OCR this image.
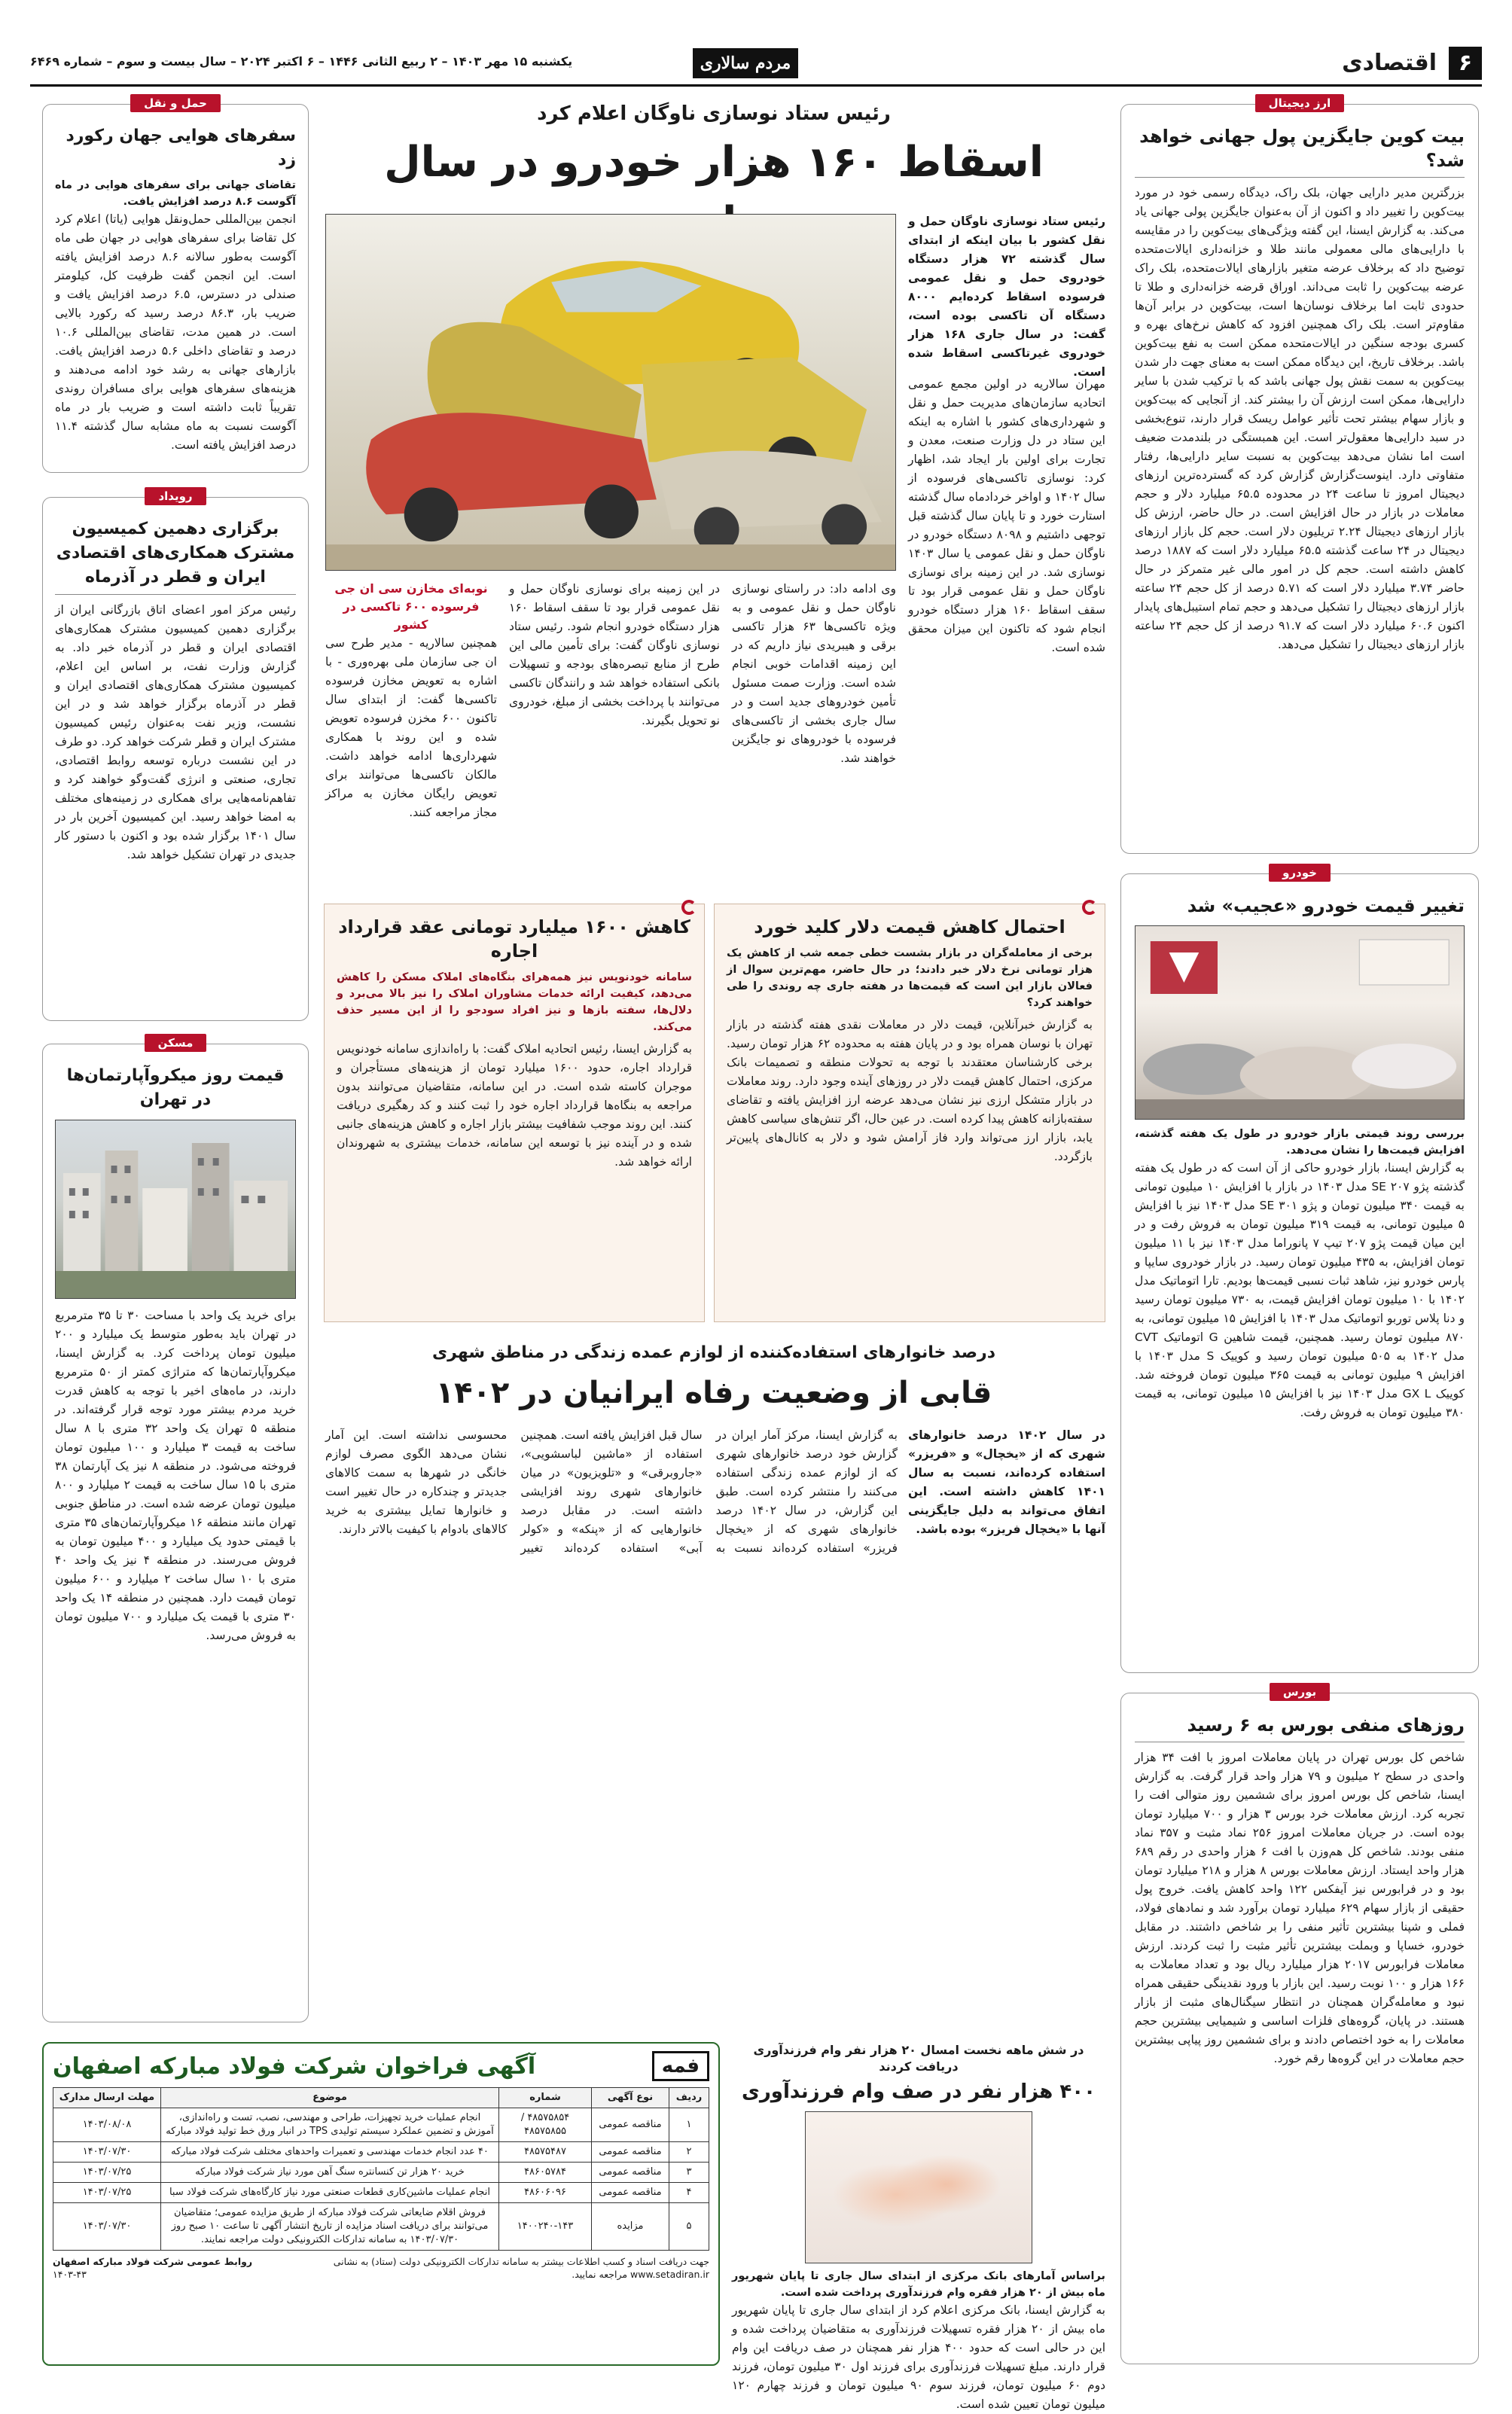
۶
اقتصادی
مردم سالاری
یکشنبه ۱۵ مهر ۱۴۰۳ – ۲ ربیع الثانی ۱۴۴۶ – ۶ اکتبر ۲۰۲۴ – سال بیست و سوم – شماره ۶۴۶۹
ارز دیجیتال
بیت کوین جایگزین پول جهانی خواهد شد؟
بزرگترین مدیر دارایی جهان، بلک راک، دیدگاه رسمی خود در مورد بیت‌کوین را تغییر داد و اکنون از آن به‌عنوان جایگزین پولی جهانی یاد می‌کند. به گزارش ایسنا، این گفته ویژگی‌های بیت‌کوین را در مقایسه با دارایی‌های مالی معمولی مانند طلا و خزانه‌داری ایالات‌متحده توضیح داد که برخلاف عرضه متغیر بازارهای ایالات‌متحده، بلک راک عرضه بیت‌کوین را ثابت می‌داند. اوراق قرضه خزانه‌داری و طلا تا حدودی ثابت اما برخلاف نوسان‌ها است، بیت‌کوین در برابر آن‌ها مقاوم‌تر است. بلک راک همچنین افزود که کاهش نرخ‌های بهره و کسری بودجه سنگین در ایالات‌متحده ممکن است به نفع بیت‌کوین باشد. برخلاف تاریخ، این دیدگاه ممکن است به معنای جهت دار شدن بیت‌کوین به سمت نقش پول جهانی باشد که با ترکیب شدن با سایر دارایی‌ها، ممکن است ارزش آن را بیشتر کند. از آنجایی که بیت‌کوین و بازار سهام بیشتر تحت تأثیر عوامل ریسک قرار دارند، تنوع‌بخشی در سبد دارایی‌ها معقول‌تر است. این همبستگی در بلندمدت ضعیف است اما نشان می‌دهد بیت‌کوین به نسبت سایر دارایی‌ها، رفتار متفاوتی دارد. اینوست‌گزارش گزارش کرد که گسترده‌ترین ارزهای دیجیتال امروز تا ساعت ۲۴ در محدوده ۶۵.۵ میلیارد دلار و حجم معاملات در بازار در حال افزایش است. در حال حاضر، ارزش کل بازار ارزهای دیجیتال ۲.۲۴ تریلیون دلار است. حجم کل بازار ارزهای دیجیتال در ۲۴ ساعت گذشته ۶۵.۵ میلیارد دلار است که ۱۸۸۷ درصد کاهش داشته است. حجم کل در امور مالی غیر متمرکز در حال حاضر ۳.۷۴ میلیارد دلار است که ۵.۷۱ درصد از کل حجم ۲۴ ساعته بازار ارزهای دیجیتال را تشکیل می‌دهد و حجم تمام استیبل‌های پایدار اکنون ۶۰.۶ میلیارد دلار است که ۹۱.۷ درصد از کل حجم ۲۴ ساعته بازار ارزهای دیجیتال را تشکیل می‌دهد.
خودرو
تغییر قیمت خودرو «عجیب» شد
بررسی روند قیمتی بازار خودرو در طول یک هفته گذشته، افزایش قیمت‌ها را نشان می‌دهد.
به گزارش ایسنا، بازار خودرو حاکی از آن است که در طول یک هفته گذشته پژو ۲۰۷ SE مدل ۱۴۰۳ در بازار با افزایش ۱۰ میلیون تومانی به قیمت ۳۴۰ میلیون تومان و پژو ۳۰۱ SE مدل ۱۴۰۳ نیز با افزایش ۵ میلیون تومانی، به قیمت ۳۱۹ میلیون تومان به فروش رفت و در این میان قیمت پژو ۲۰۷ تیپ ۷ پانوراما مدل ۱۴۰۳ نیز با ۱۱ میلیون تومان افزایش، به ۴۳۵ میلیون تومان رسید. در بازار خودروی سایپا و پارس خودرو نیز، شاهد ثبات نسبی قیمت‌ها بودیم. تارا اتوماتیک مدل ۱۴۰۲ با ۱۰ میلیون تومان افزایش قیمت، به ۷۳۰ میلیون تومان رسید و دنا پلاس توربو اتوماتیک مدل ۱۴۰۳ با افزایش ۱۵ میلیون تومانی، به ۸۷۰ میلیون تومان رسید. همچنین، قیمت شاهین G اتوماتیک CVT مدل ۱۴۰۲ به ۵۰۵ میلیون تومان رسید و کوییک S مدل ۱۴۰۳ با افزایش ۹ میلیون تومانی به قیمت ۳۶۵ میلیون تومان فروخته شد. کوییک GX L مدل ۱۴۰۳ نیز با افزایش ۱۵ میلیون تومانی، به قیمت ۳۸۰ میلیون تومان به فروش رفت.
بورس
روزهای منفی بورس به ۶ رسید
شاخص کل بورس تهران در پایان معاملات امروز با افت ۳۴ هزار واحدی در سطح ۲ میلیون و ۷۹ هزار واحد قرار گرفت. به گزارش ایسنا، شاخص کل بورس امروز برای ششمین روز متوالی افت را تجربه کرد. ارزش معاملات خرد بورس ۳ هزار و ۷۰۰ میلیارد تومان بوده است. در جریان معاملات امروز ۲۵۶ نماد مثبت و ۳۵۷ نماد منفی بودند. شاخص کل هم‌وزن با افت ۶ هزار واحدی در رقم ۶۸۹ هزار واحد ایستاد. ارزش معاملات بورس ۸ هزار و ۲۱۸ میلیارد تومان بود و در فرابورس نیز آیفکس ۱۲۲ واحد کاهش یافت. خروج پول حقیقی از بازار سهام ۶۲۹ میلیارد تومان برآورد شد و نمادهای فولاد، فملی و شپنا بیشترین تأثیر منفی را بر شاخص داشتند. در مقابل خودرو، خساپا و وبملت بیشترین تأثیر مثبت را ثبت کردند. ارزش معاملات فرابورس ۲۰۱۷ هزار میلیارد ریال بود و تعداد معاملات به ۱۶۶ هزار و ۱۰۰ نوبت رسید. این بازار با ورود نقدینگی حقیقی همراه نبود و معامله‌گران همچنان در انتظار سیگنال‌های مثبت از بازار هستند. در پایان، گروه‌های فلزات اساسی و شیمیایی بیشترین حجم معاملات را به خود اختصاص دادند و برای ششمین روز پیاپی بیشترین حجم معاملات در این گروه‌ها رقم خورد.
حمل و نقل
سفرهای هوایی جهان رکورد زد
تقاضای جهانی برای سفرهای هوایی در ماه آگوست ۸.۶ درصد افزایش یافت.
انجمن بین‌المللی حمل‌ونقل هوایی (یاتا) اعلام کرد کل تقاضا برای سفرهای هوایی در جهان طی ماه آگوست به‌طور سالانه ۸.۶ درصد افزایش یافته است. این انجمن گفت ظرفیت کل، کیلومتر صندلی در دسترس، ۶.۵ درصد افزایش یافت و ضریب بار، ۸۶.۳ درصد رسید که رکورد بالایی است. در همین مدت، تقاضای بین‌المللی ۱۰.۶ درصد و تقاضای داخلی ۵.۶ درصد افزایش یافت. بازارهای جهانی به رشد خود ادامه می‌دهند و هزینه‌های سفرهای هوایی برای مسافران روندی تقریباً ثابت داشته است و ضریب بار در ماه آگوست نسبت به ماه مشابه سال گذشته ۱۱.۴ درصد افزایش یافته است.
رویداد
برگزاری دهمین کمیسیون مشترک همکاری‌های اقتصادی ایران و قطر در آذرماه
رئیس مرکز امور اعضای اتاق بازرگانی ایران از برگزاری دهمین کمیسیون مشترک همکاری‌های اقتصادی ایران و قطر در آذرماه خبر داد. به گزارش وزارت نفت، بر اساس این اعلام، کمیسیون مشترک همکاری‌های اقتصادی ایران و قطر در آذرماه برگزار خواهد شد و در این نشست، وزیر نفت به‌عنوان رئیس کمیسیون مشترک ایران و قطر شرکت خواهد کرد. دو طرف در این نشست درباره توسعه روابط اقتصادی، تجاری، صنعتی و انرژی گفت‌وگو خواهند کرد و تفاهم‌نامه‌هایی برای همکاری در زمینه‌های مختلف به امضا خواهد رسید. این کمیسیون آخرین بار در سال ۱۴۰۱ برگزار شده بود و اکنون با دستور کار جدیدی در تهران تشکیل خواهد شد.
مسکن
قیمت روز میکروآپارتمان‌ها در تهران
برای خرید یک واحد با مساحت ۳۰ تا ۳۵ مترمربع در تهران باید به‌طور متوسط یک میلیارد و ۲۰۰ میلیون تومان پرداخت کرد. به گزارش ایسنا، میکروآپارتمان‌ها که متراژی کمتر از ۵۰ مترمربع دارند، در ماه‌های اخیر با توجه به کاهش قدرت خرید مردم بیشتر مورد توجه قرار گرفته‌اند. در منطقه ۵ تهران یک واحد ۳۲ متری با ۸ سال ساخت به قیمت ۳ میلیارد و ۱۰۰ میلیون تومان فروخته می‌شود. در منطقه ۸ نیز یک آپارتمان ۳۸ متری با ۱۵ سال ساخت به قیمت ۲ میلیارد و ۸۰۰ میلیون تومان عرضه شده است. در مناطق جنوبی تهران مانند منطقه ۱۶ میکروآپارتمان‌های ۳۵ متری با قیمتی حدود یک میلیارد و ۴۰۰ میلیون تومان به فروش می‌رسند. در منطقه ۴ نیز یک واحد ۴۰ متری با ۱۰ سال ساخت ۲ میلیارد و ۶۰۰ میلیون تومان قیمت دارد. همچنین در منطقه ۱۴ یک واحد ۳۰ متری با قیمت یک میلیارد و ۷۰۰ میلیون تومان به فروش می‌رسد.
رئیس ستاد نوسازی ناوگان اعلام کرد
اسقاط ۱۶۰ هزار خودرو در سال
رئیس ستاد نوسازی ناوگان حمل و نقل کشور با بیان اینکه از ابتدای سال گذشته ۷۲ هزار دستگاه خودروی حمل و نقل عمومی فرسوده اسقاط کرده‌ایم ۸۰۰۰ دستگاه آن تاکسی بوده است، گفت: در سال جاری ۱۶۸ هزار خودروی غیرتاکسی اسقاط شده است.
مهران سالاریه در اولین مجمع عمومی اتحادیه سازمان‌های مدیریت حمل و نقل و شهرداری‌های کشور با اشاره به اینکه این ستاد در دل وزارت صنعت، معدن و تجارت برای اولین بار ایجاد شد، اظهار کرد: نوسازی تاکسی‌های فرسوده از سال ۱۴۰۲ و اواخر خردادماه سال گذشته استارت خورد و تا پایان سال گذشته قبل توجهی داشتیم و ۸۰۹۸ دستگاه خودرو در ناوگان حمل و نقل عمومی یا سال ۱۴۰۳ نوسازی شد. در این زمینه برای نوسازی ناوگان حمل و نقل عمومی قرار بود تا سقف اسقاط ۱۶۰ هزار دستگاه خودرو انجام شود که تاکنون این میزان محقق شده است.
وی ادامه داد: در راستای نوسازی ناوگان حمل و نقل عمومی و به ویژه تاکسی‌ها ۶۳ هزار تاکسی برقی و هیبریدی نیاز داریم که در این زمینه اقدامات خوبی انجام شده است. وزارت صمت مسئول تأمین خودروهای جدید است و در سال جاری بخشی از تاکسی‌های فرسوده با خودروهای نو جایگزین خواهند شد.
در این زمینه برای نوسازی ناوگان حمل و نقل عمومی قرار بود تا سقف اسقاط ۱۶۰ هزار دستگاه خودرو انجام شود. رئیس ستاد نوسازی ناوگان گفت: برای تأمین مالی این طرح از منابع تبصره‌های بودجه و تسهیلات بانکی استفاده خواهد شد و رانندگان تاکسی می‌توانند با پرداخت بخشی از مبلغ، خودروی نو تحویل بگیرند.
نوبه‌ای مخازن سی ان جی فرسوده ۶۰۰ تاکسی در کشور
همچنین سالاریه - مدیر طرح سی ان جی سازمان ملی بهره‌وری - با اشاره به تعویض مخازن فرسوده تاکسی‌ها گفت: از ابتدای سال تاکنون ۶۰۰ مخزن فرسوده تعویض شده و این روند با همکاری شهرداری‌ها ادامه خواهد داشت. مالکان تاکسی‌ها می‌توانند برای تعویض رایگان مخازن به مراکز مجاز مراجعه کنند.
احتمال کاهش قیمت دلار کلید خورد
برخی از معامله‌گران در بازار بشست خطی جمعه شب از کاهش یک هزار تومانی نرخ دلار خبر دادند؛ در حال حاضر، مهم‌ترین سوال از فعالان بازار این است که قیمت‌ها در هفته جاری چه روندی را طی خواهند کرد؟
به گزارش خبرآنلاین، قیمت دلار در معاملات نقدی هفته گذشته در بازار تهران با نوسان همراه بود و در پایان هفته به محدوده ۶۲ هزار تومان رسید. برخی کارشناسان معتقدند با توجه به تحولات منطقه و تصمیمات بانک مرکزی، احتمال کاهش قیمت دلار در روزهای آینده وجود دارد. روند معاملات در بازار متشکل ارزی نیز نشان می‌دهد عرضه ارز افزایش یافته و تقاضای سفته‌بازانه کاهش پیدا کرده است. در عین حال، اگر تنش‌های سیاسی کاهش یابد، بازار ارز می‌تواند وارد فاز آرامش شود و دلار به کانال‌های پایین‌تر بازگردد.
کاهش ۱۶۰۰ میلیارد تومانی عقد قرارداد اجاره
سامانه خودنویس نیز همه‌هرای بنگاه‌های املاک مسکن را کاهش می‌دهد، کیفیت ارائه خدمات مشاوران املاک را نیز بالا می‌برد و دلال‌ها، سفته بازها و نیز افراد سودجو را از این مسیر حذف می‌کند.
به گزارش ایسنا، رئیس اتحادیه املاک گفت: با راه‌اندازی سامانه خودنویس قرارداد اجاره، حدود ۱۶۰۰ میلیارد تومان از هزینه‌های مستأجران و موجران کاسته شده است. در این سامانه، متقاضیان می‌توانند بدون مراجعه به بنگاه‌ها قرارداد اجاره خود را ثبت کنند و کد رهگیری دریافت کنند. این روند موجب شفافیت بیشتر بازار اجاره و کاهش هزینه‌های جانبی شده و در آینده نیز با توسعه این سامانه، خدمات بیشتری به شهروندان ارائه خواهد شد.
درصد خانوارهای استفاده‌کننده از لوازم عمده زندگی در مناطق شهری
قابی از وضعیت رفاه ایرانیان در ۱۴۰۲
در سال ۱۴۰۲ درصد خانوارهای شهری که از «یخچال» و «فریزر» استفاده کرده‌اند، نسبت به سال ۱۴۰۱ کاهش داشته است. این اتفاق می‌تواند به دلیل جایگزینی آنها با «یخچال فریزر» بوده باشد.
به گزارش ایسنا، مرکز آمار ایران در گزارش خود درصد خانوارهای شهری که از لوازم عمده زندگی استفاده می‌کنند را منتشر کرده است. طبق این گزارش، در سال ۱۴۰۲ درصد خانوارهای شهری که از «یخچال فریزر» استفاده کرده‌اند نسبت به سال قبل افزایش یافته است. همچنین استفاده از «ماشین لباسشویی»، «جاروبرقی» و «تلویزیون» در میان خانوارهای شهری روند افزایشی داشته است. در مقابل درصد خانوارهایی که از «پنکه» و «کولر آبی» استفاده کرده‌اند تغییر محسوسی نداشته است. این آمار نشان می‌دهد الگوی مصرف لوازم خانگی در شهرها به سمت کالاهای جدیدتر و چندکاره در حال تغییر است و خانوارها تمایل بیشتری به خرید کالاهای بادوام با کیفیت بالاتر دارند.
فمه
آگهی فراخوان شرکت فولاد مبارکه اصفهان
ردیف	نوع آگهی	شماره	موضوع	مهلت ارسال مدارک
۱	مناقصه عمومی	۴۸۵۷۵۸۵۴ / ۴۸۵۷۵۸۵۵	انجام عملیات خرید تجهیزات، طراحی و مهندسی، نصب، تست و راه‌اندازی، آموزش و تضمین عملکرد سیستم تولیدی TPS در انبار ورق خط تولید فولاد مبارکه	۱۴۰۳/۰۸/۰۸
۲	مناقصه عمومی	۴۸۵۷۵۴۸۷	۴۰ عدد انجام خدمات مهندسی و تعمیرات واحدهای مختلف شرکت فولاد مبارکه	۱۴۰۳/۰۷/۳۰
۳	مناقصه عمومی	۴۸۶۰۵۷۸۴	خرید ۲۰ هزار تن کنسانتره سنگ آهن مورد نیاز شرکت فولاد مبارکه	۱۴۰۳/۰۷/۲۵
۴	مناقصه عمومی	۴۸۶۰۶۰۹۶	انجام عملیات ماشین‌کاری قطعات صنعتی مورد نیاز کارگاه‌های شرکت فولاد سبا	۱۴۰۳/۰۷/۲۵
۵	مزایده	۱۴۰۰۲۴۰-۱۴۳	فروش اقلام ضایعاتی شرکت فولاد مبارکه از طریق مزایده عمومی؛ متقاضیان می‌توانند برای دریافت اسناد مزایده از تاریخ انتشار آگهی تا ساعت ۱۰ صبح روز ۱۴۰۳/۰۷/۳۰ به سامانه تدارکات الکترونیکی دولت مراجعه نمایند.	۱۴۰۳/۰۷/۳۰
جهت دریافت اسناد و کسب اطلاعات بیشتر به سامانه تدارکات الکترونیکی دولت (ستاد) به نشانی www.setadiran.ir مراجعه نمایید.
روابط عمومی شرکت فولاد مبارکه اصفهان
۱۴۰۳-۴۳
در شش ماهه نخست امسال ۲۰ هزار نفر وام فرزندآوری دریافت کردند
۴۰۰ هزار نفر در صف وام فرزندآوری
براساس آمارهای بانک مرکزی از ابتدای سال جاری تا پایان شهریور ماه بیش از ۲۰ هزار فقره وام فرزندآوری پرداخت شده است.
به گزارش ایسنا، بانک مرکزی اعلام کرد از ابتدای سال جاری تا پایان شهریور ماه بیش از ۲۰ هزار فقره تسهیلات فرزندآوری به متقاضیان پرداخت شده و این در حالی است که حدود ۴۰۰ هزار نفر همچنان در صف دریافت این وام قرار دارند. مبلغ تسهیلات فرزندآوری برای فرزند اول ۳۰ میلیون تومان، فرزند دوم ۶۰ میلیون تومان، فرزند سوم ۹۰ میلیون تومان و فرزند چهارم ۱۲۰ میلیون تومان تعیین شده است.
